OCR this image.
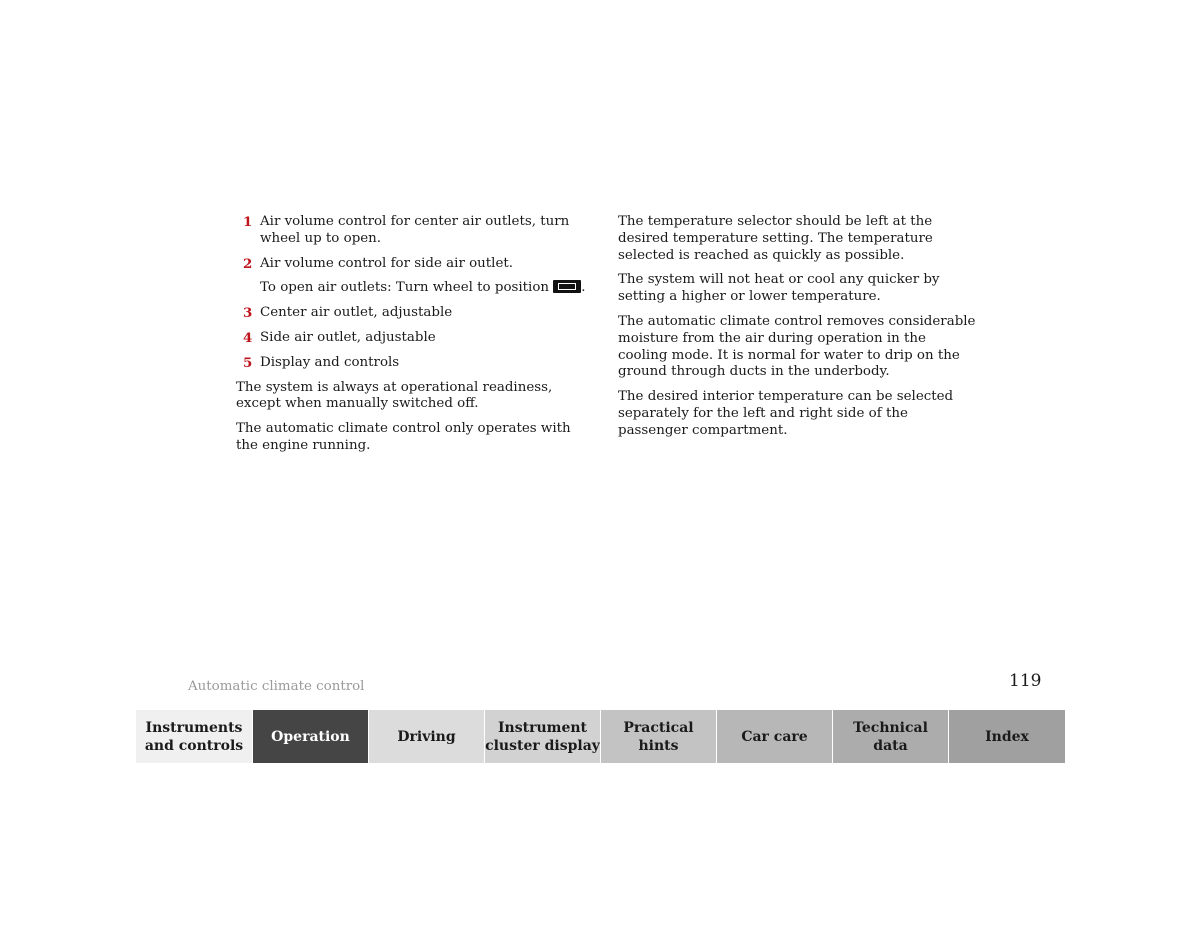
1 Air volume control for center air outlets, turn wheel up to open.
2 Air volume control for side air outlet.
To open air outlets: Turn wheel to position .
3 Center air outlet, adjustable
4 Side air outlet, adjustable
5 Display and controls
The system is always at operational readiness, except when manually switched off.
The automatic climate control only operates with the engine running.
The temperature selector should be left at the desired temperature setting. The temperature selected is reached as quickly as possible.
The system will not heat or cool any quicker by setting a higher or lower temperature.
The automatic climate control removes considerable moisture from the air during operation in the cooling mode. It is normal for water to drip on the ground through ducts in the underbody.
The desired interior temperature can be selected separately for the left and right side of the passenger compartment.
Automatic climate control	119
Instruments
and controls
Operation	Driving
Instrument
cluster display
Practical hints
Car care
Technical
data
Index
